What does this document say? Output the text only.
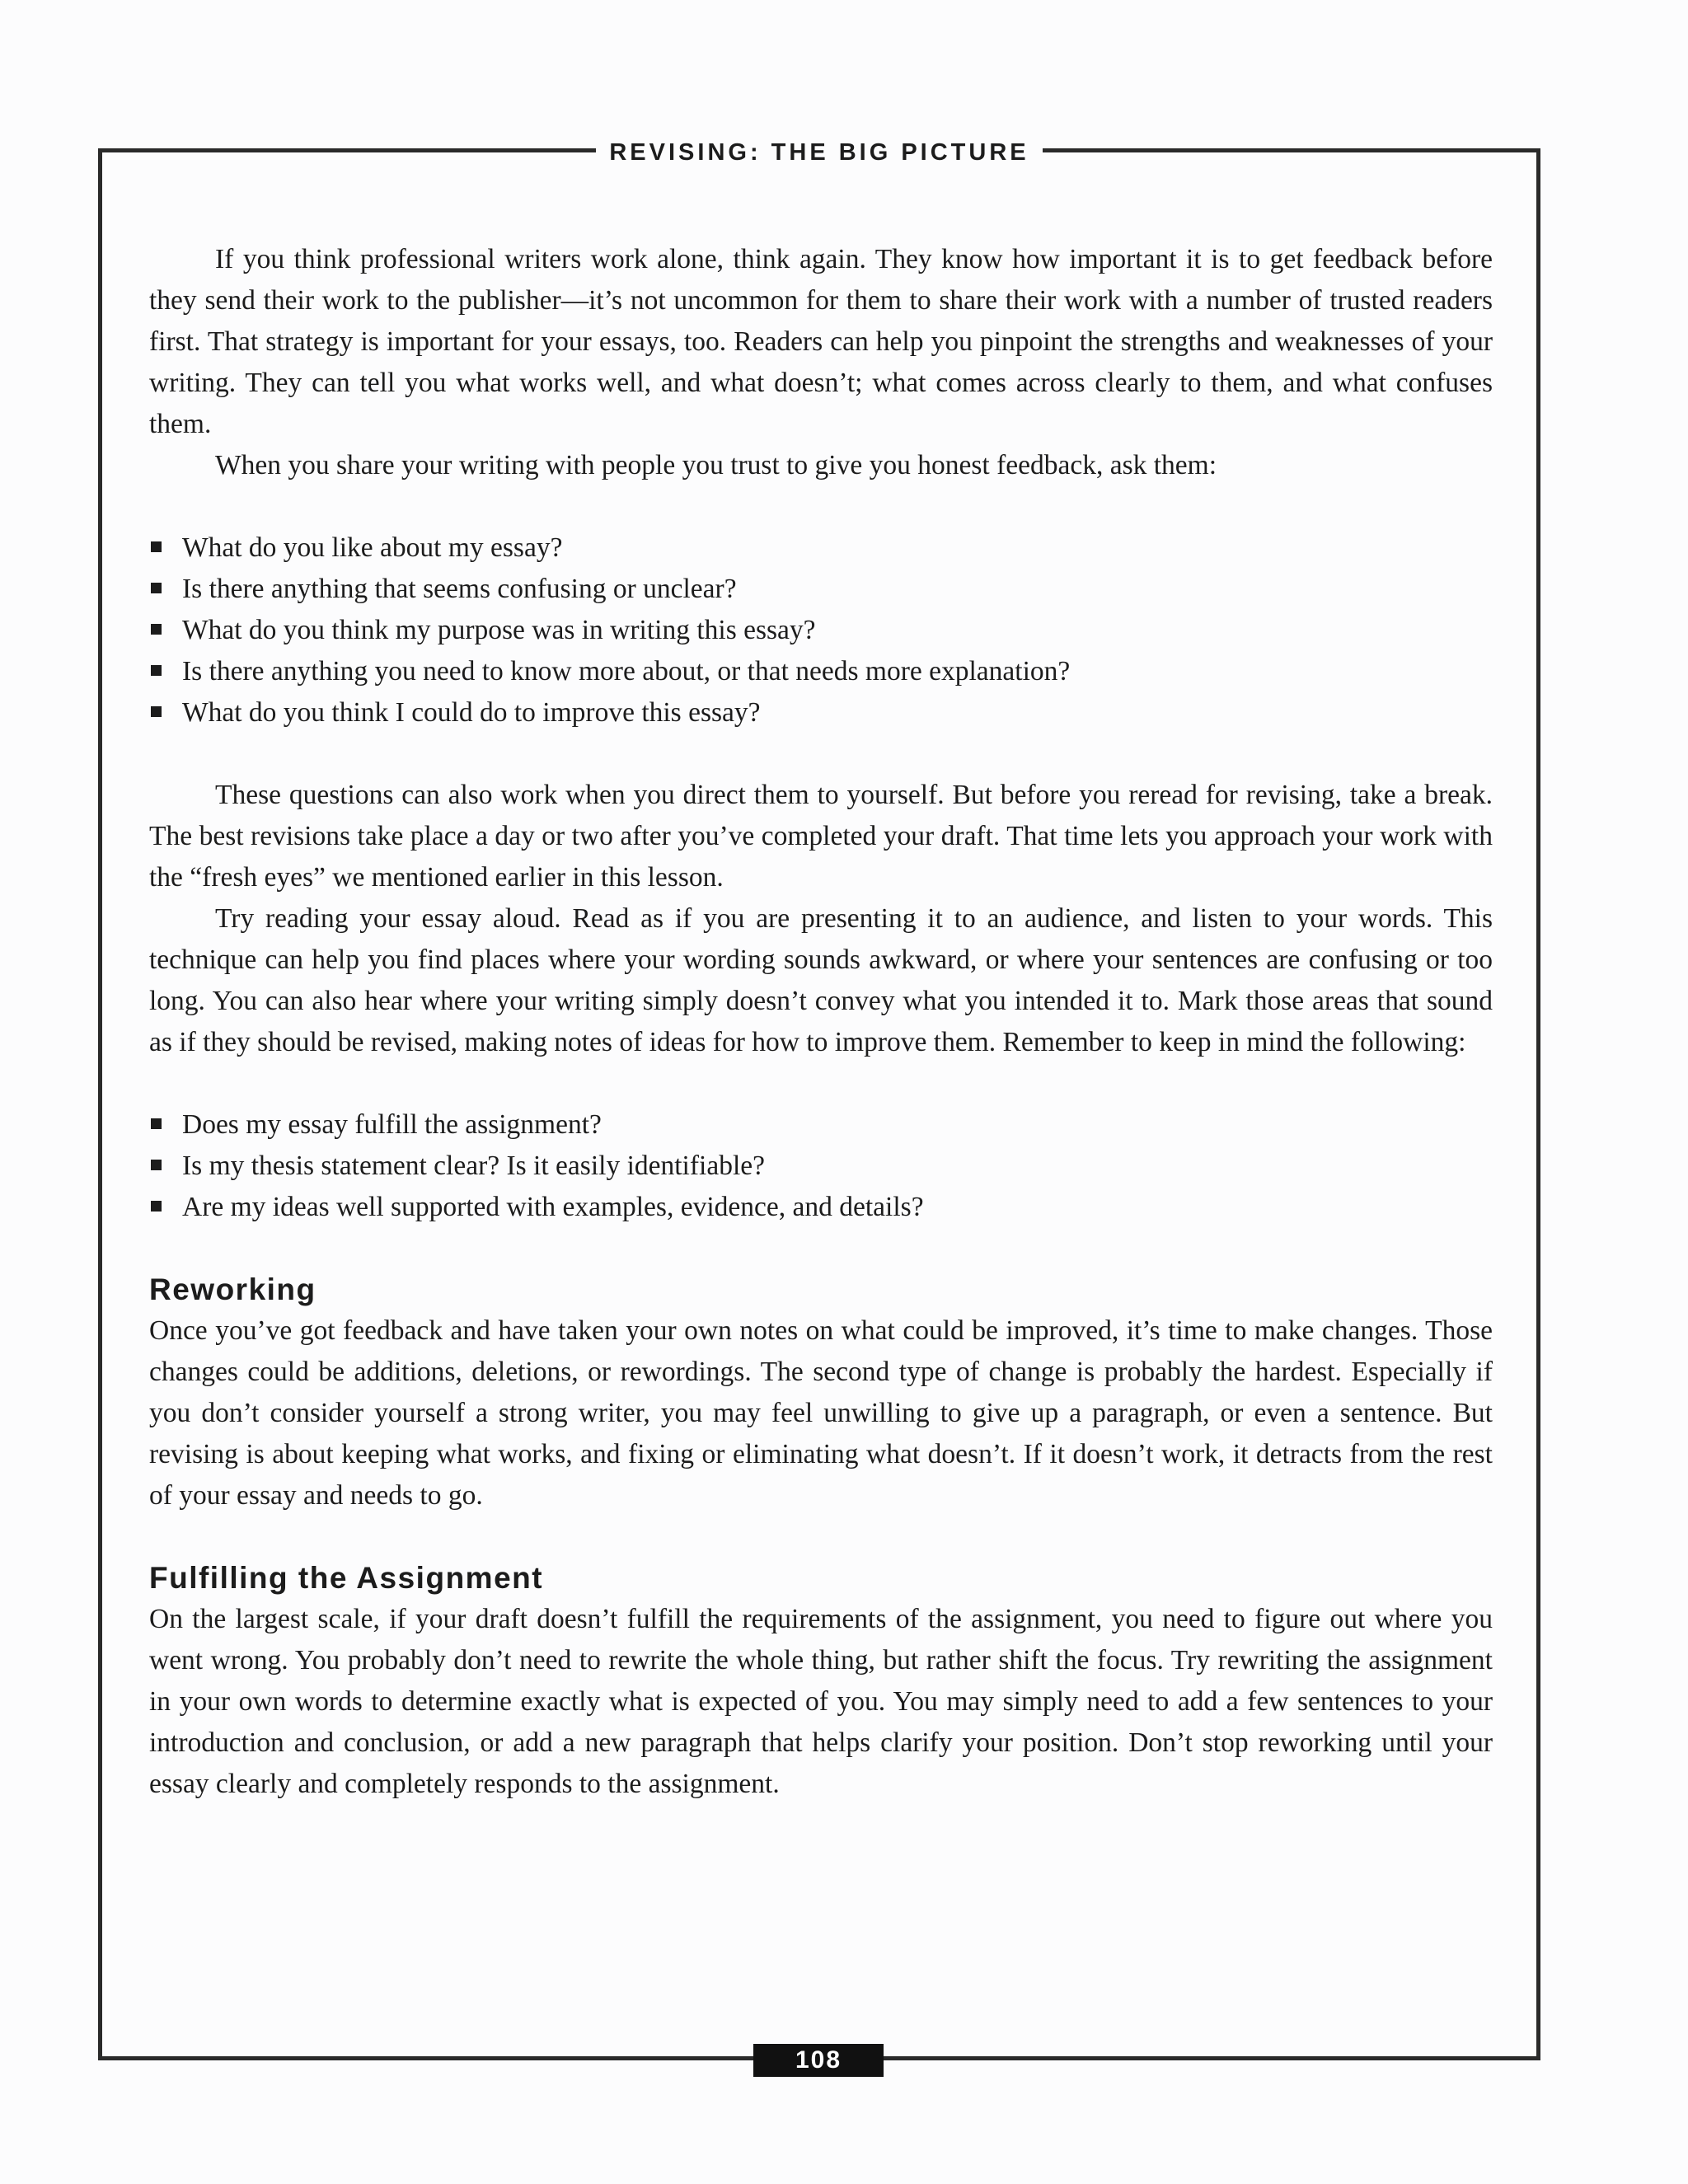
REVISING: THE BIG PICTURE

If you think professional writers work alone, think again. They know how important it is to get feedback before they send their work to the publisher—it’s not uncommon for them to share their work with a number of trusted readers first. That strategy is important for your essays, too. Readers can help you pinpoint the strengths and weaknesses of your writing. They can tell you what works well, and what doesn’t; what comes across clearly to them, and what confuses them.

When you share your writing with people you trust to give you honest feedback, ask them:

What do you like about my essay?
Is there anything that seems confusing or unclear?
What do you think my purpose was in writing this essay?
Is there anything you need to know more about, or that needs more explanation?
What do you think I could do to improve this essay?

These questions can also work when you direct them to yourself. But before you reread for revising, take a break. The best revisions take place a day or two after you’ve completed your draft. That time lets you approach your work with the “fresh eyes” we mentioned earlier in this lesson.

Try reading your essay aloud. Read as if you are presenting it to an audience, and listen to your words. This technique can help you find places where your wording sounds awkward, or where your sentences are confusing or too long. You can also hear where your writing simply doesn’t convey what you intended it to. Mark those areas that sound as if they should be revised, making notes of ideas for how to improve them. Remember to keep in mind the following:

Does my essay fulfill the assignment?
Is my thesis statement clear? Is it easily identifiable?
Are my ideas well supported with examples, evidence, and details?
Reworking

Once you’ve got feedback and have taken your own notes on what could be improved, it’s time to make changes. Those changes could be additions, deletions, or rewordings. The second type of change is probably the hardest. Especially if you don’t consider yourself a strong writer, you may feel unwilling to give up a paragraph, or even a sentence. But revising is about keeping what works, and fixing or eliminating what doesn’t. If it doesn’t work, it detracts from the rest of your essay and needs to go.

Fulfilling the Assignment

On the largest scale, if your draft doesn’t fulfill the requirements of the assignment, you need to figure out where you went wrong. You probably don’t need to rewrite the whole thing, but rather shift the focus. Try rewriting the assignment in your own words to determine exactly what is expected of you. You may simply need to add a few sentences to your introduction and conclusion, or add a new paragraph that helps clarify your position. Don’t stop reworking until your essay clearly and completely responds to the assignment.

108
